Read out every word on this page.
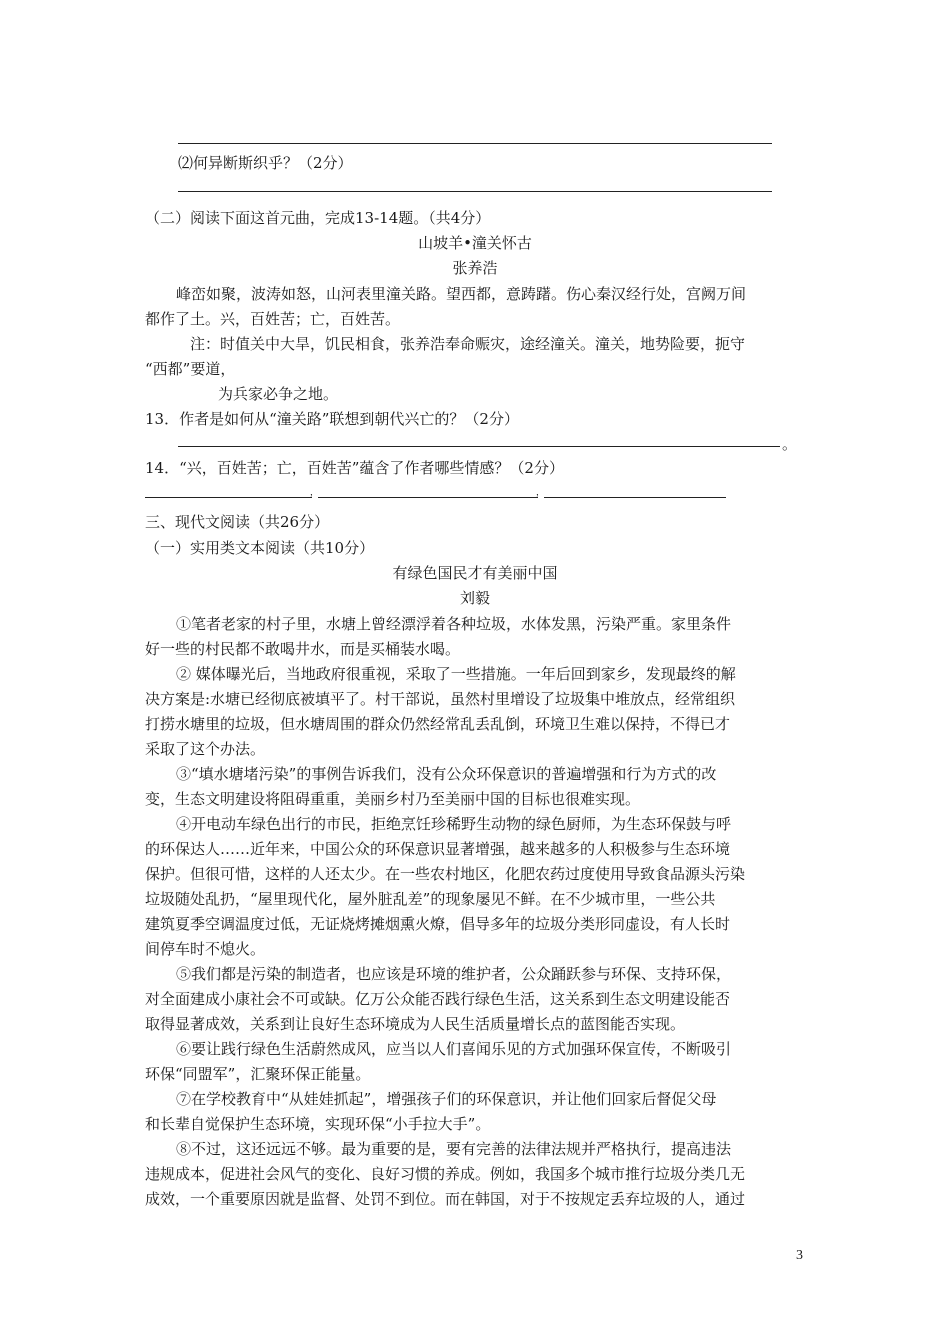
⑵何异断斯织乎？（2分）
（二）阅读下面这首元曲，完成13-14题。（共4分）
山坡羊•潼关怀古
张养浩
峰峦如聚，波涛如怒，山河表里潼关路。望西都，意踌躇。伤心秦汉经行处，宫阙万间
都作了土。兴，百姓苦；亡，百姓苦。
注：时值关中大旱，饥民相食，张养浩奉命赈灾，途经潼关。潼关，地势险要，扼守
“西都”要道，
为兵家必争之地。
13．作者是如何从“潼关路”联想到朝代兴亡的？（2分）
。
14．“兴，百姓苦；亡，百姓苦”蕴含了作者哪些情感？（2分）
，	，
三、现代文阅读（共26分）
（一）实用类文本阅读（共10分）
有绿色国民才有美丽中国
刘毅
①笔者老家的村子里，水塘上曾经漂浮着各种垃圾，水体发黑，污染严重。家里条件
好一些的村民都不敢喝井水，而是买桶装水喝。
② 媒体曝光后，当地政府很重视，采取了一些措施。一年后回到家乡，发现最终的解
决方案是:水塘已经彻底被填平了。村干部说，虽然村里增设了垃圾集中堆放点，经常组织
打捞水塘里的垃圾，但水塘周围的群众仍然经常乱丢乱倒，环境卫生难以保持，不得已才
采取了这个办法。
③“填水塘堵污染”的事例告诉我们，没有公众环保意识的普遍增强和行为方式的改
变，生态文明建设将阻碍重重，美丽乡村乃至美丽中国的目标也很难实现。
④开电动车绿色出行的市民，拒绝烹饪珍稀野生动物的绿色厨师，为生态环保鼓与呼
的环保达人……近年来，中国公众的环保意识显著增强，越来越多的人积极参与生态环境
保护。但很可惜，这样的人还太少。在一些农村地区，化肥农药过度使用导致食品源头污染
垃圾随处乱扔，“屋里现代化，屋外脏乱差”的现象屡见不鲜。在不少城市里，一些公共
建筑夏季空调温度过低，无证烧烤摊烟熏火燎，倡导多年的垃圾分类形同虚设，有人长时
间停车时不熄火。
⑤我们都是污染的制造者，也应该是环境的维护者，公众踊跃参与环保、支持环保，
对全面建成小康社会不可或缺。亿万公众能否践行绿色生活，这关系到生态文明建设能否
取得显著成效，关系到让良好生态环境成为人民生活质量增长点的蓝图能否实现。
⑥要让践行绿色生活蔚然成风，应当以人们喜闻乐见的方式加强环保宣传，不断吸引
环保“同盟军”，汇聚环保正能量。
⑦在学校教育中“从娃娃抓起”，增强孩子们的环保意识，并让他们回家后督促父母
和长辈自觉保护生态环境，实现环保“小手拉大手”。
⑧不过，这还远远不够。最为重要的是，要有完善的法律法规并严格执行，提高违法
违规成本，促进社会风气的变化、良好习惯的养成。例如，我国多个城市推行垃圾分类几无
成效，一个重要原因就是监督、处罚不到位。而在韩国，对于不按规定丢弃垃圾的人，通过
3
